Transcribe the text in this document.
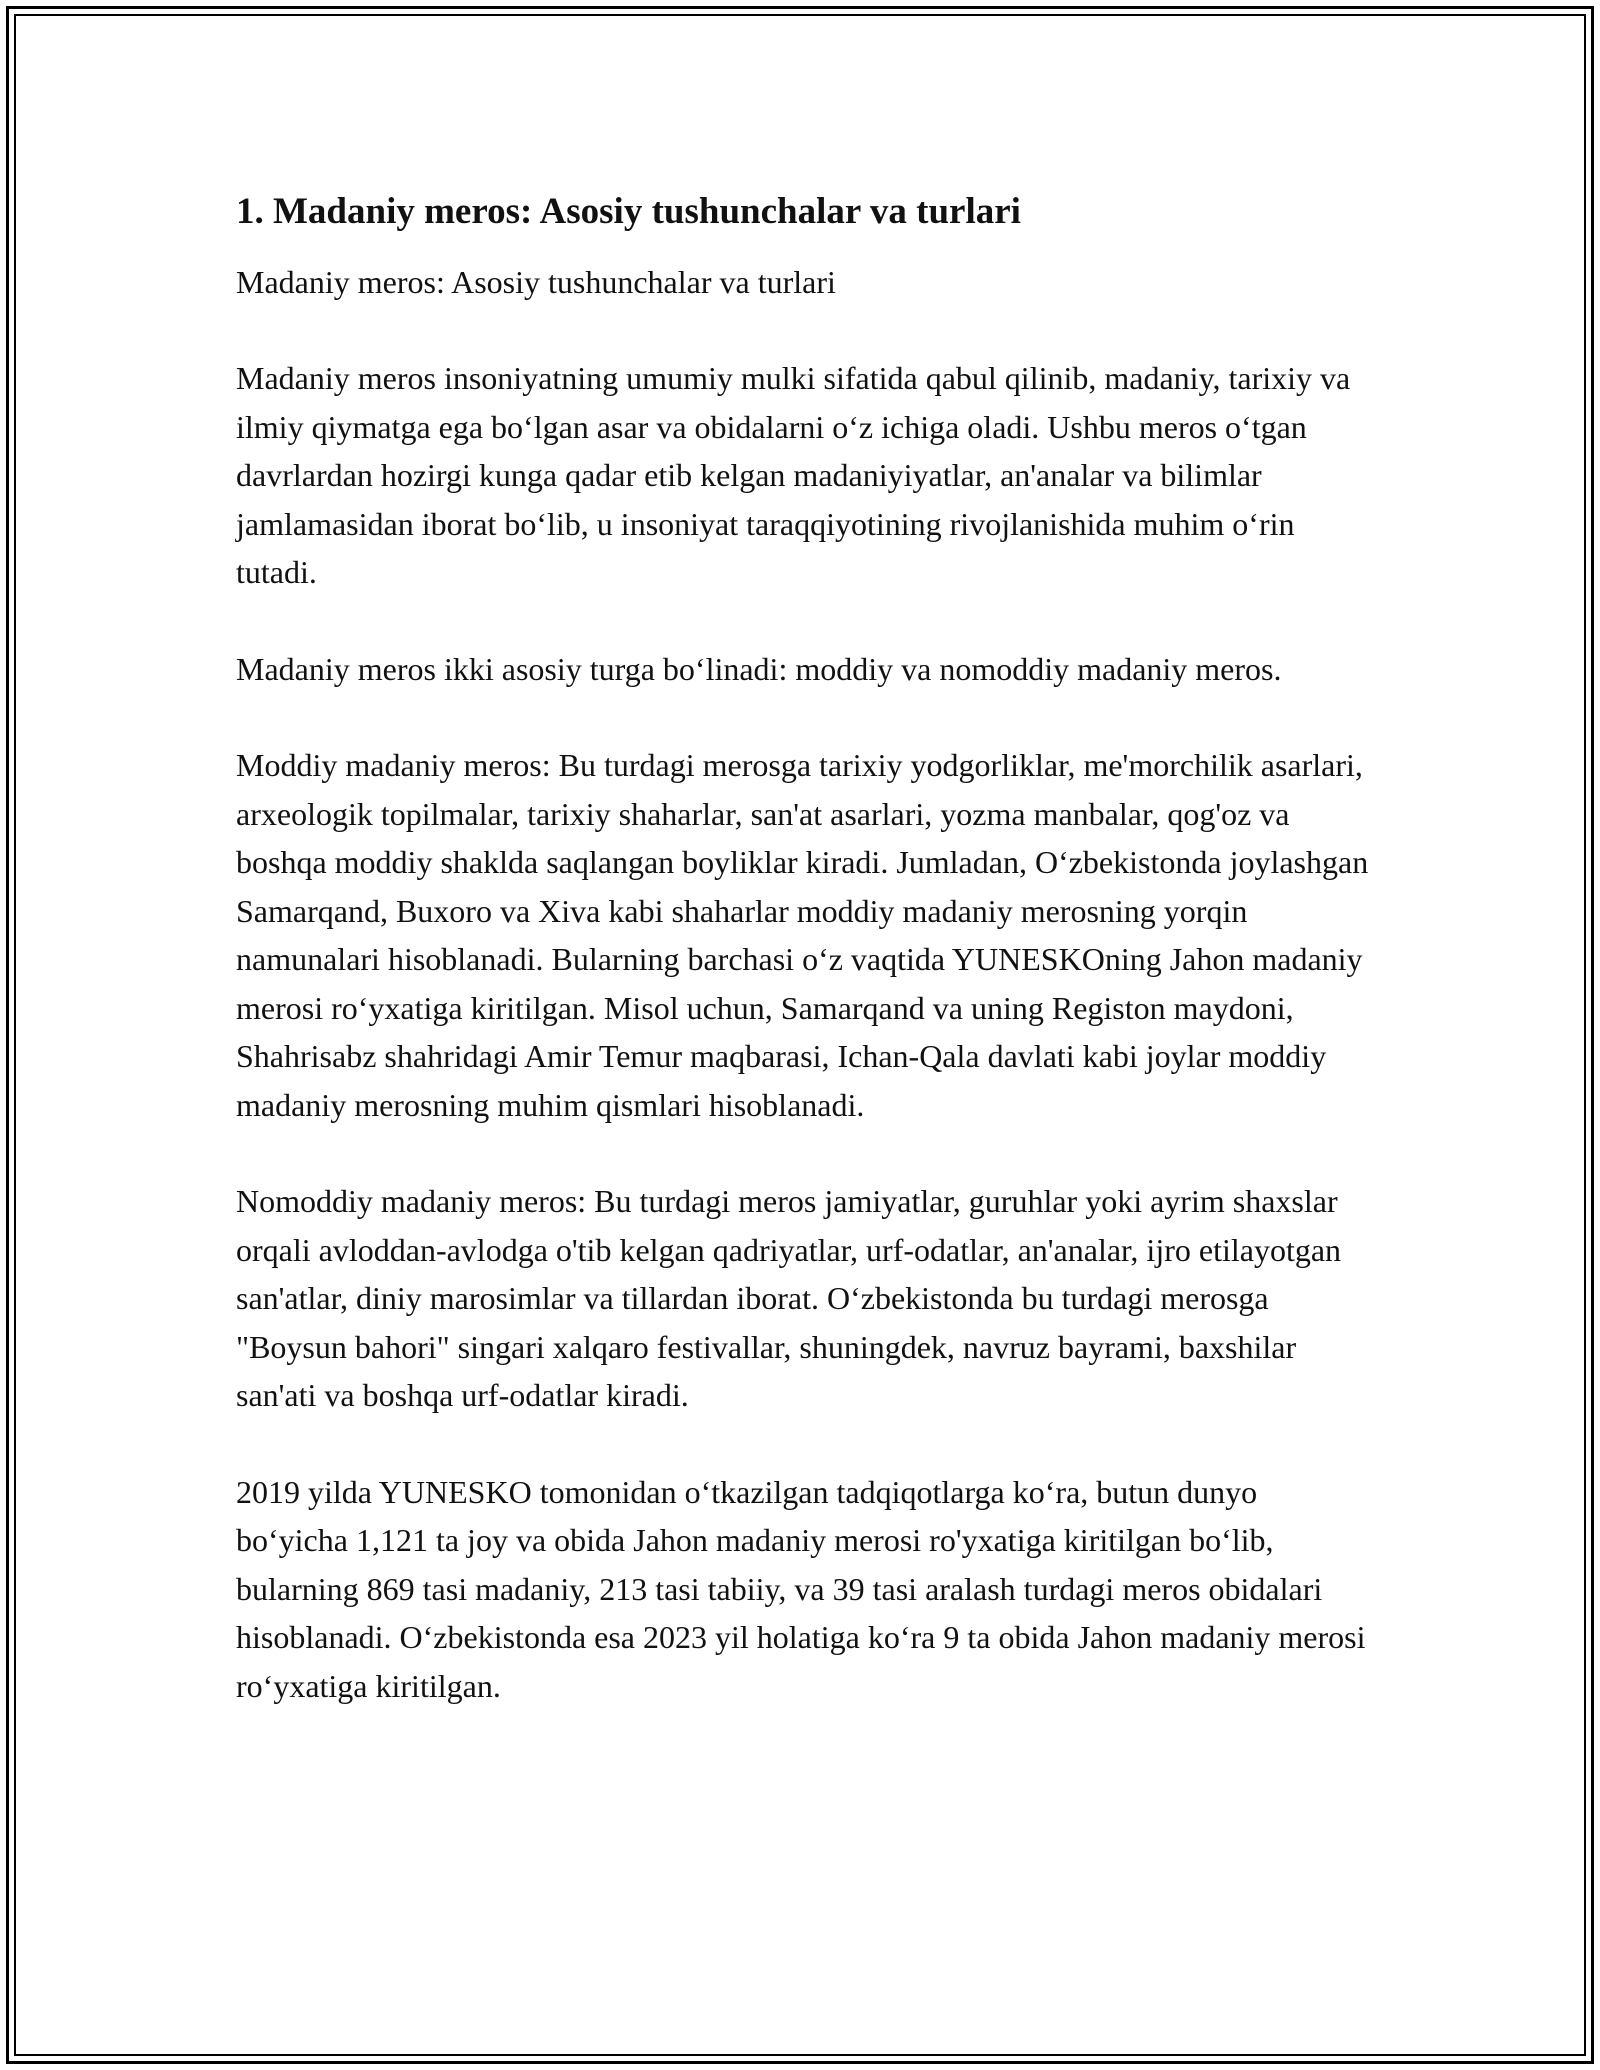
1. Madaniy meros: Asosiy tushunchalar va turlari

Madaniy meros: Asosiy tushunchalar va turlari

Madaniy meros insoniyatning umumiy mulki sifatida qabul qilinib, madaniy, tarixiy va ilmiy qiymatga ega boʻlgan asar va obidalarni oʻz ichiga oladi. Ushbu meros oʻtgan davrlardan hozirgi kunga qadar etib kelgan madaniyiyatlar, an'analar va bilimlar jamlamasidan iborat boʻlib, u insoniyat taraqqiyotining rivojlanishida muhim oʻrin tutadi.

Madaniy meros ikki asosiy turga boʻlinadi: moddiy va nomoddiy madaniy meros.

Moddiy madaniy meros: Bu turdagi merosga tarixiy yodgorliklar, me'morchilik asarlari, arxeologik topilmalar, tarixiy shaharlar, san'at asarlari, yozma manbalar, qog'oz va boshqa moddiy shaklda saqlangan boyliklar kiradi. Jumladan, Oʻzbekistonda joylashgan Samarqand, Buxoro va Xiva kabi shaharlar moddiy madaniy merosning yorqin namunalari hisoblanadi. Bularning barchasi oʻz vaqtida YUNESKOning Jahon madaniy merosi roʻyxatiga kiritilgan. Misol uchun, Samarqand va uning Registon maydoni, Shahrisabz shahridagi Amir Temur maqbarasi, Ichan-Qala davlati kabi joylar moddiy madaniy merosning muhim qismlari hisoblanadi.

Nomoddiy madaniy meros: Bu turdagi meros jamiyatlar, guruhlar yoki ayrim shaxslar orqali avloddan-avlodga o'tib kelgan qadriyatlar, urf-odatlar, an'analar, ijro etilayotgan san'atlar, diniy marosimlar va tillardan iborat. Oʻzbekistonda bu turdagi merosga "Boysun bahori" singari xalqaro festivallar, shuningdek, navruz bayrami, baxshilar san'ati va boshqa urf-odatlar kiradi.

2019 yilda YUNESKO tomonidan oʻtkazilgan tadqiqotlarga koʻra, butun dunyo boʻyicha 1,121 ta joy va obida Jahon madaniy merosi ro'yxatiga kiritilgan boʻlib, bularning 869 tasi madaniy, 213 tasi tabiiy, va 39 tasi aralash turdagi meros obidalari hisoblanadi. Oʻzbekistonda esa 2023 yil holatiga koʻra 9 ta obida Jahon madaniy merosi roʻyxatiga kiritilgan.
